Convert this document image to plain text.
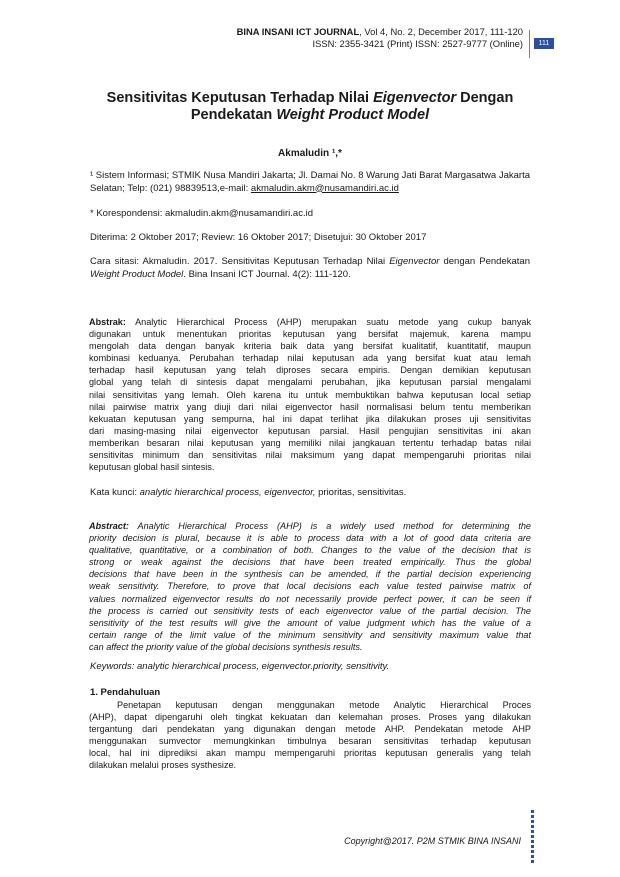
BINA INSANI ICT JOURNAL, Vol 4, No. 2, December 2017, 111-120
ISSN: 2355-3421 (Print) ISSN: 2527-9777 (Online)	111
Sensitivitas Keputusan Terhadap Nilai Eigenvector Dengan
Pendekatan Weight Product Model
Akmaludin ¹,*
¹ Sistem Informasi; STMIK Nusa Mandiri Jakarta; Jl. Damai No. 8 Warung Jati Barat Margasatwa Jakarta Selatan; Telp: (021) 98839513,e-mail: akmaludin.akm@nusamandiri.ac.id
* Korespondensi: akmaludin.akm@nusamandiri.ac.id
Diterima: 2 Oktober 2017; Review: 16 Oktober 2017; Disetujui: 30 Oktober 2017
Cara sitasi: Akmaludin. 2017. Sensitivitas Keputusan Terhadap Nilai Eigenvector dengan Pendekatan Weight Product Model. Bina Insani ICT Journal. 4(2): 111-120.
Abstrak: Analytic Hierarchical Process (AHP) merupakan suatu metode yang cukup banyak
digunakan untuk menentukan prioritas keputusan yang bersifat majemuk, karena mampu
mengolah data dengan banyak kriteria baik data yang bersifat kualitatif, kuantitatif, maupun
kombinasi keduanya. Perubahan terhadap nilai keputusan ada yang bersifat kuat atau lemah
terhadap hasil keputusan yang telah diproses secara empiris. Dengan demikian keputusan
global yang telah di sintesis dapat mengalami perubahan, jika keputusan parsial mengalami
nilai sensitivitas yang lemah. Oleh karena itu untuk membuktikan bahwa keputusan local setiap
nilai pairwise matrix yang diuji dari nilai eigenvector hasil normalisasi belum tentu memberikan
kekuatan keputusan yang sempurna, hal ini dapat terlihat jika dilakukan proses uji sensitivitas
dari masing-masing nilai eigenvector keputusan parsial. Hasil pengujian sensitivitas ini akan
memberikan besaran nilai keputusan yang memiliki nilai jangkauan tertentu terhadap batas nilai
sensitivitas minimum dan sensitivitas nilai maksimum yang dapat mempengaruhi prioritas nilai
keputusan global hasil sintesis.
Kata kunci: analytic hierarchical process, eigenvector, prioritas, sensitivitas.
Abstract: Analytic Hierarchical Process (AHP) is a widely used method for determining the
priority decision is plural, because it is able to process data with a lot of good data criteria are
qualitative, quantitative, or a combination of both. Changes to the value of the decision that is
strong or weak against the decisions that have been treated empirically. Thus the global
decisions that have been in the synthesis can be amended, if the partial decision experiencing
weak sensitivity. Therefore, to prove that local decisions each value tested pairwise matrix of
values normalized eigenvector results do not necessarily provide perfect power, it can be seen if
the process is carried out sensitivity tests of each eigenvector value of the partial decision. The
sensitivity of the test results will give the amount of value judgment which has the value of a
certain range of the limit value of the minimum sensitivity and sensitivity maximum value that
can affect the priority value of the global decisions synthesis results.
Keywords: analytic hierarchical process, eigenvector.priority, sensitivity.
1. Pendahuluan
Penetapan keputusan dengan menggunakan metode Analytic Hierarchical Proces
(AHP), dapat dipengaruhi oleh tingkat kekuatan dan kelemahan proses. Proses yang dilakukan
tergantung dari pendekatan yang digunakan dengan metode AHP. Pendekatan metode AHP
menggunakan sumvector memungkinkan timbulnya besaran sensitivitas terhadap keputusan
local, hal ini diprediksi akan mampu mempengaruhi prioritas keputusan generalis yang telah
dilakukan melalui proses systhesize.
Copyright@2017. P2M STMIK BINA INSANI
